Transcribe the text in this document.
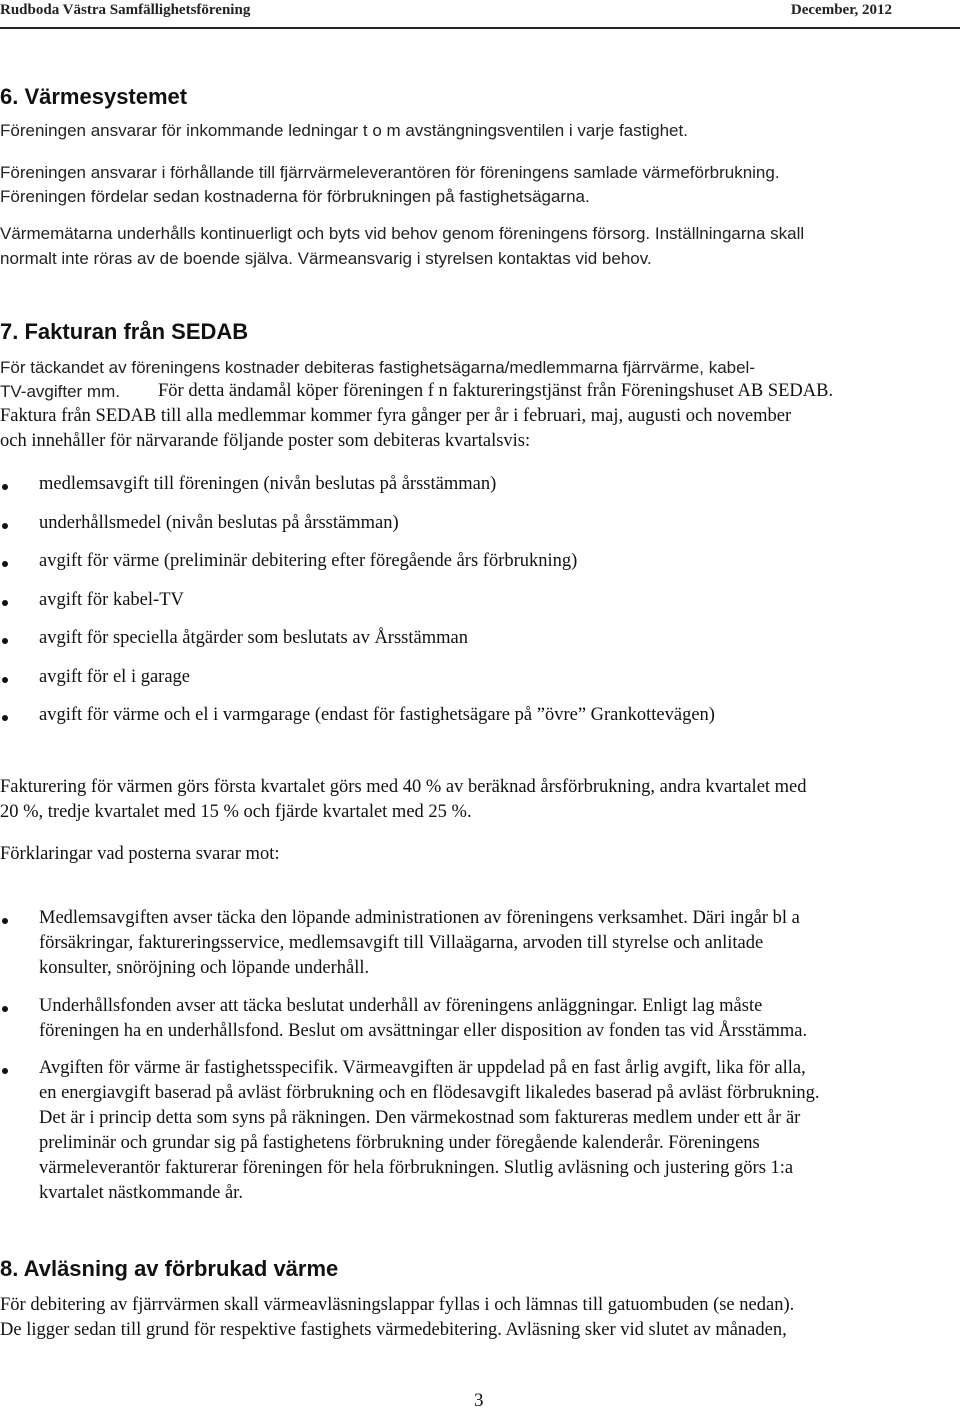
Rudboda Västra Samfällighetsförening	December, 2012
6. Värmesystemet
Föreningen ansvarar för inkommande ledningar t o m avstängningsventilen i varje fastighet.
Föreningen ansvarar i förhållande till fjärrvärmeleverantören för föreningens samlade värmeförbrukning.
Föreningen fördelar sedan kostnaderna för förbrukningen på fastighetsägarna.
Värmemätarna underhålls kontinuerligt och byts vid behov genom föreningens försorg. Inställningarna skall
normalt inte röras av de boende själva. Värmeansvarig i styrelsen kontaktas vid behov.
7. Fakturan från SEDAB
För täckandet av föreningens kostnader debiteras fastighetsägarna/medlemmarna fjärrvärme, kabel-
TV-avgifter mm. För detta ändamål köper föreningen f n faktureringstjänst från Föreningshuset AB SEDAB.
Faktura från SEDAB till alla medlemmar kommer fyra gånger per år i februari, maj, augusti och november
och innehåller för närvarande följande poster som debiteras kvartalsvis:
medlemsavgift till föreningen (nivån beslutas på årsstämman)
underhållsmedel (nivån beslutas på årsstämman)
avgift för värme (preliminär debitering efter föregående års förbrukning)
avgift för kabel-TV
avgift för speciella åtgärder som beslutats av Årsstämman
avgift för el i garage
avgift för värme och el i varmgarage (endast för fastighetsägare på ”övre” Grankottevägen)
Fakturering för värmen görs första kvartalet görs med 40 % av beräknad årsförbrukning, andra kvartalet med
20 %, tredje kvartalet med 15 % och fjärde kvartalet med 25 %.
Förklaringar vad posterna svarar mot:
Medlemsavgiften avser täcka den löpande administrationen av föreningens verksamhet. Däri ingår bl a
försäkringar, faktureringsservice, medlemsavgift till Villaägarna, arvoden till styrelse och anlitade
konsulter, snöröjning och löpande underhåll.
Underhållsfonden avser att täcka beslutat underhåll av föreningens anläggningar. Enligt lag måste
föreningen ha en underhållsfond. Beslut om avsättningar eller disposition av fonden tas vid Årsstämma.
Avgiften för värme är fastighetsspecifik. Värmeavgiften är uppdelad på en fast årlig avgift, lika för alla,
en energiavgift baserad på avläst förbrukning och en flödesavgift likaledes baserad på avläst förbrukning.
Det är i princip detta som syns på räkningen. Den värmekostnad som faktureras medlem under ett år är
preliminär och grundar sig på fastighetens förbrukning under föregående kalenderår. Föreningens
värmeleverantör fakturerar föreningen för hela förbrukningen. Slutlig avläsning och justering görs 1:a
kvartalet nästkommande år.
8. Avläsning av förbrukad värme
För debitering av fjärrvärmen skall värmeavläsningslappar fyllas i och lämnas till gatuombuden (se nedan).
De ligger sedan till grund för respektive fastighets värmedebitering. Avläsning sker vid slutet av månaden,
3
